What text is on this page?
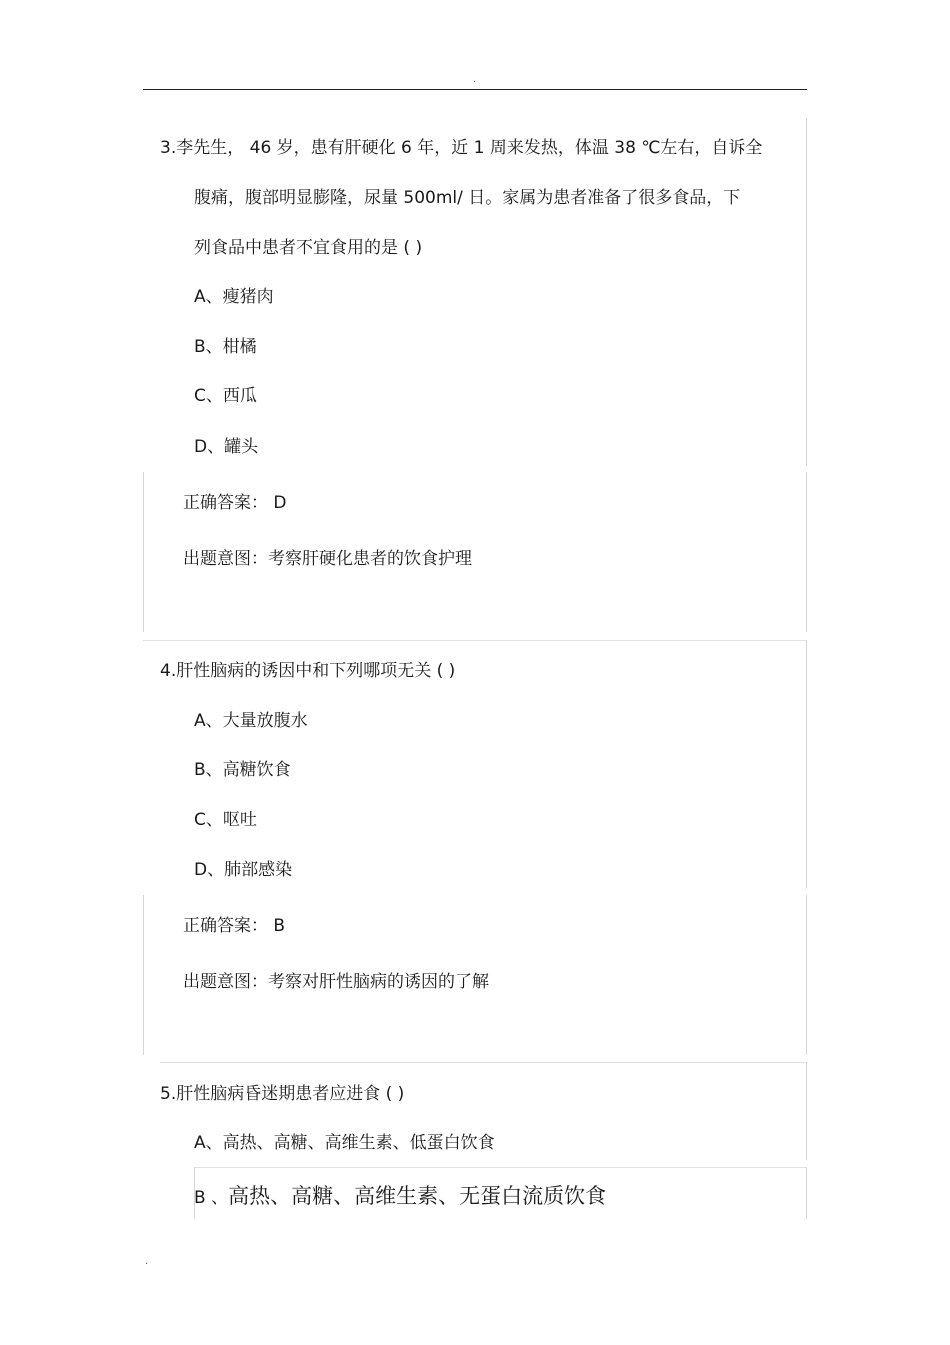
.
3.李先生， 46 岁，患有肝硬化 6 年，近 1 周来发热，体温 38 ℃左右，自诉全
腹痛，腹部明显膨隆，尿量 500ml/ 日。家属为患者准备了很多食品，下
列食品中患者不宜食用的是 ( )
A、瘦猪肉
B、柑橘
C、西瓜
D、罐头
正确答案： D
出题意图：考察肝硬化患者的饮食护理
4.肝性脑病的诱因中和下列哪项无关 ( )
A、大量放腹水
B、高糖饮食
C、呕吐
D、肺部感染
正确答案： B
出题意图：考察对肝性脑病的诱因的了解
5.肝性脑病昏迷期患者应进食 ( )
A、高热、高糖、高维生素、低蛋白饮食
B 、高热、高糖、高维生素、无蛋白流质饮食
.
